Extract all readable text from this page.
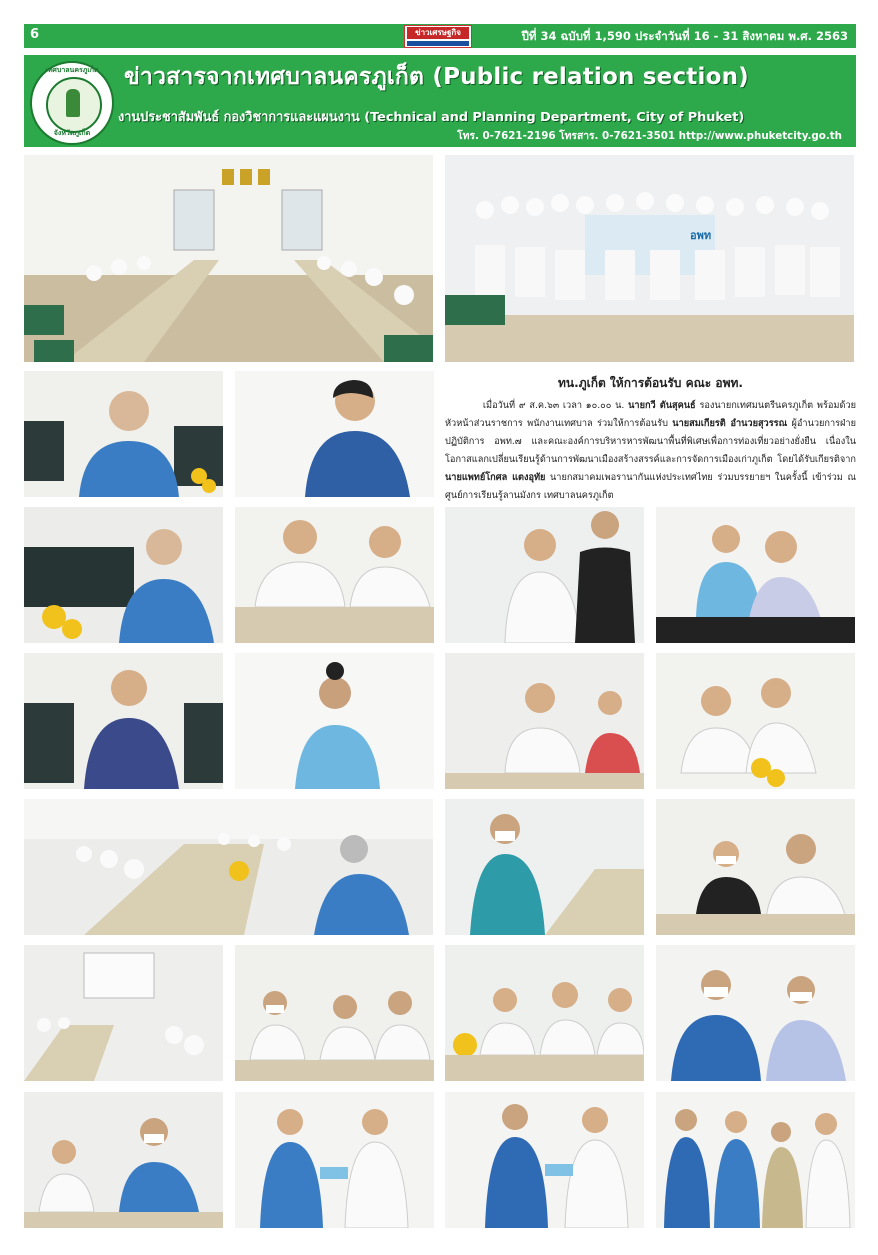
6	ข่าวเศรษฐกิจ	ปีที่ 34 ฉบับที่ 1,590 ประจำวันที่ 16 - 31 สิงหาคม พ.ศ. 2563
เทศบาลนครภูเก็ต
จังหวัดภูเก็ต
ข่าวสารจากเทศบาลนครภูเก็ต (Public relation section)
งานประชาสัมพันธ์ กองวิชาการและแผนงาน (Technical and Planning Department, City of Phuket)
โทร. 0-7621-2196 โทรสาร. 0-7621-3501 http://www.phuketcity.go.th
อพท

ทน.ภูเก็ต ให้การต้อนรับ คณะ อพท.

เมื่อวันที่ ๙ ส.ค.๖๓ เวลา ๑๐.๐๐ น. นายกวี ตันสุคนธ์ รองนายกเทศมนตรีนครภูเก็ต พร้อมด้วย หัวหน้าส่วนราชการ พนักงานเทศบาล ร่วมให้การต้อนรับ นายสมเกียรติ อำนวยสุวรรณ ผู้อำนวยการฝ่ายปฏิบัติการ อพท.๗ และคณะองค์การบริหารหารพัฒนาพื้นที่พิเศษเพื่อการท่องเที่ยวอย่างยั่งยืน เนื่องในโอกาสแลกเปลี่ยนเรียนรู้ด้านการพัฒนาเมืองสร้างสรรค์และการจัดการเมืองเก่าภูเก็ต โดยได้รับเกียรติจาก นายแพทย์โกศล แตงอุทัย นายกสมาคมเพอรานากันแห่งประเทศไทย ร่วมบรรยายฯ ในครั้งนี้ เข้าร่วม ณ ศูนย์การเรียนรู้ลานมังกร เทศบาลนครภูเก็ต
